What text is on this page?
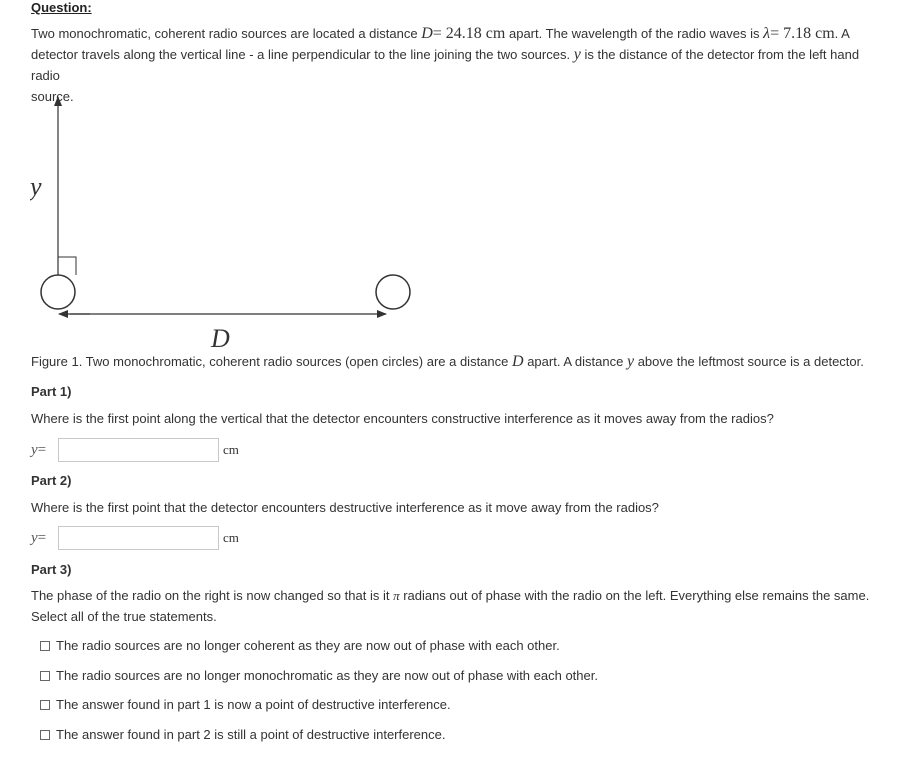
Question:
Two monochromatic, coherent radio sources are located a distance D= 24.18 cm apart. The wavelength of the radio waves is λ= 7.18 cm. A
detector travels along the vertical line - a line perpendicular to the line joining the two sources. y is the distance of the detector from the left hand radio
source.
y
D
Figure 1. Two monochromatic, coherent radio sources (open circles) are a distance D apart. A distance y above the leftmost source is a detector.
Part 1)
Where is the first point along the vertical that the detector encounters constructive interference as it moves away from the radios?
y=	cm
Part 2)
Where is the first point that the detector encounters destructive interference as it move away from the radios?
y=	cm
Part 3)
The phase of the radio on the right is now changed so that is it π radians out of phase with the radio on the left. Everything else remains the same.
Select all of the true statements.
The radio sources are no longer coherent as they are now out of phase with each other.
The radio sources are no longer monochromatic as they are now out of phase with each other.
The answer found in part 1 is now a point of destructive interference.
The answer found in part 2 is still a point of destructive interference.
